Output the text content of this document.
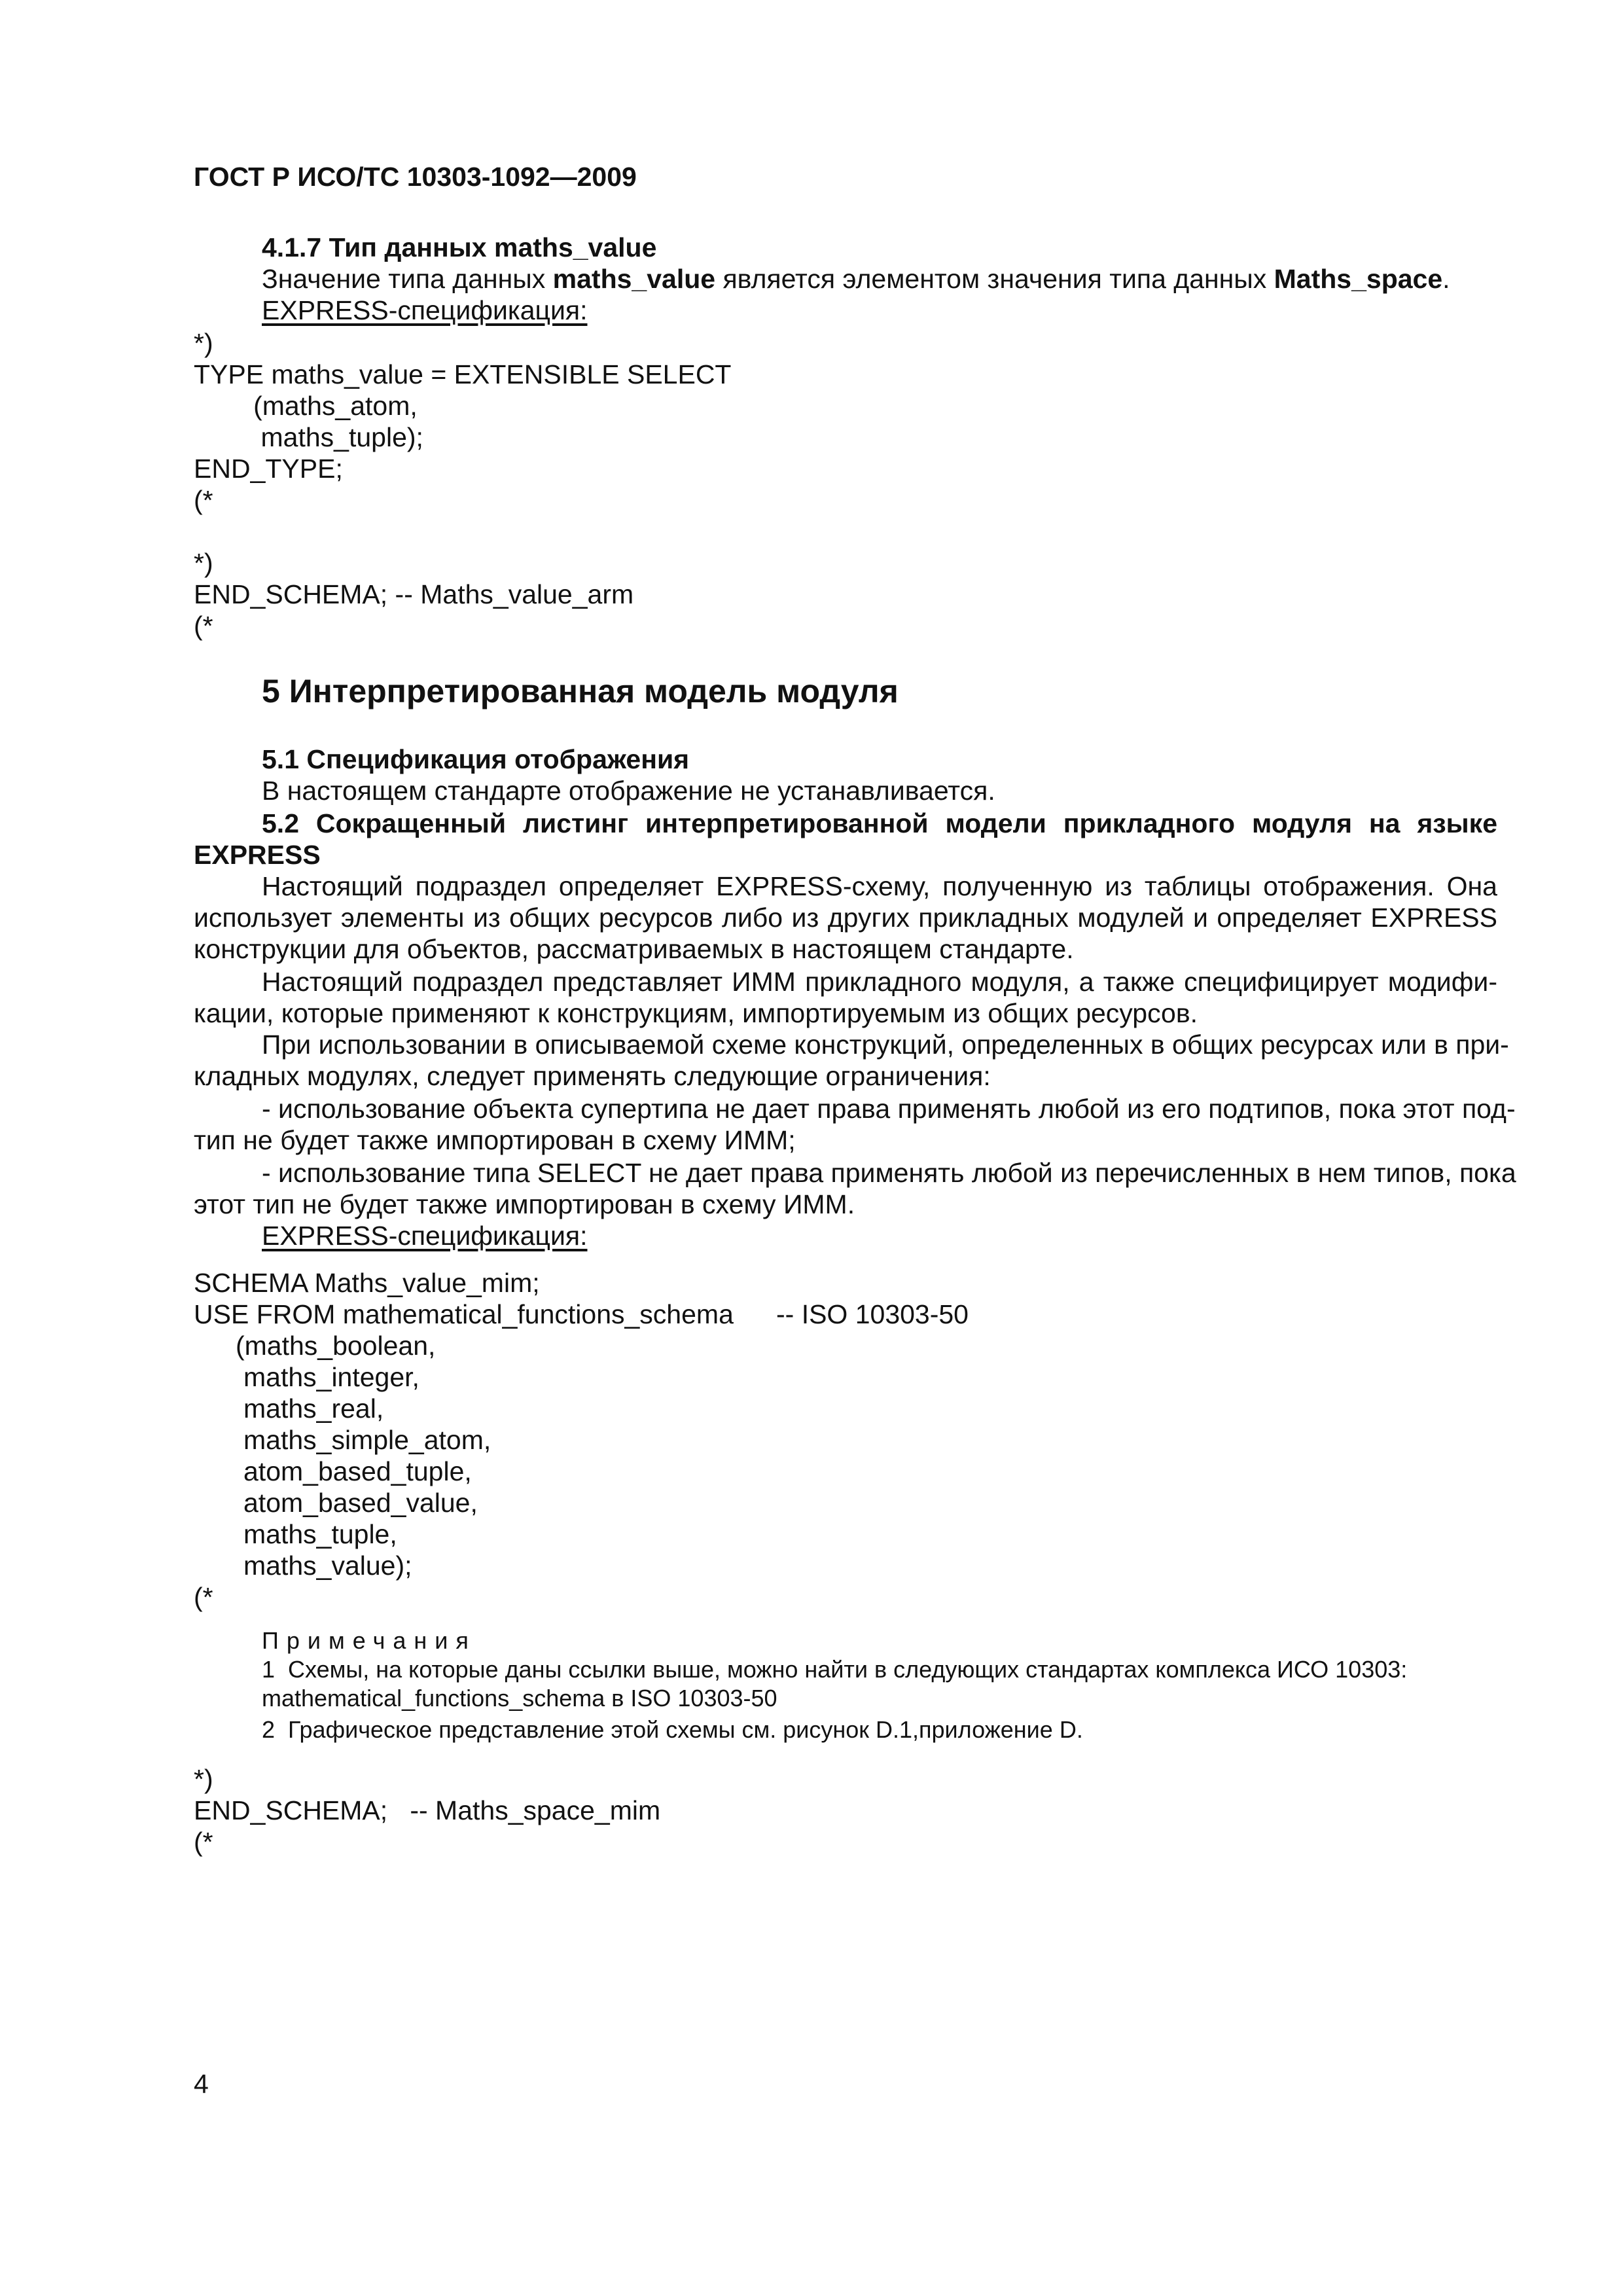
ГОСТ Р ИСО/ТС 10303-1092—2009

4.1.7 Тип данных maths_value

Значение типа данных maths_value является элементом значения типа данных Maths_space.

EXPRESS-спецификация:

*)

TYPE maths_value = EXTENSIBLE SELECT

(maths_atom,

maths_tuple);

END_TYPE;

(*

*)

END_SCHEMA; -- Maths_value_arm

(*

5 Интерпретированная модель модуля

5.1 Спецификация отображения

В настоящем стандарте отображение не устанавливается.

5.2 Сокращенный листинг интерпретированной модели прикладного модуля на языке

EXPRESS

Настоящий подраздел определяет EXPRESS-схему, полученную из таблицы отображения. Она

использует элементы из общих ресурсов либо из других прикладных модулей и определяет EXPRESS

конструкции для объектов, рассматриваемых в настоящем стандарте.

Настоящий подраздел представляет ИММ прикладного модуля, а также специфицирует модифи-

кации, которые применяют к конструкциям, импортируемым из общих ресурсов.

При использовании в описываемой схеме конструкций, определенных в общих ресурсах или в при-

кладных модулях, следует применять следующие ограничения:

- использование объекта супертипа не дает права применять любой из его подтипов, пока этот под-

тип не будет также импортирован в схему ИММ;

- использование типа SELECT не дает права применять любой из перечисленных в нем типов, пока

этот тип не будет также импортирован в схему ИММ.

EXPRESS-спецификация:

SCHEMA Maths_value_mim;

USE FROM mathematical_functions_schema -- ISO 10303-50

(maths_boolean,

maths_integer,

maths_real,

maths_simple_atom,

atom_based_tuple,

atom_based_value,

maths_tuple,

maths_value);

(*

Примечания

1  Схемы, на которые даны ссылки выше, можно найти в следующих стандартах комплекса ИСО 10303:

mathematical_functions_schema в ISO 10303-50

2  Графическое представление этой схемы см. рисунок D.1,приложение D.

*)

END_SCHEMA;   -- Maths_space_mim

(*

4
